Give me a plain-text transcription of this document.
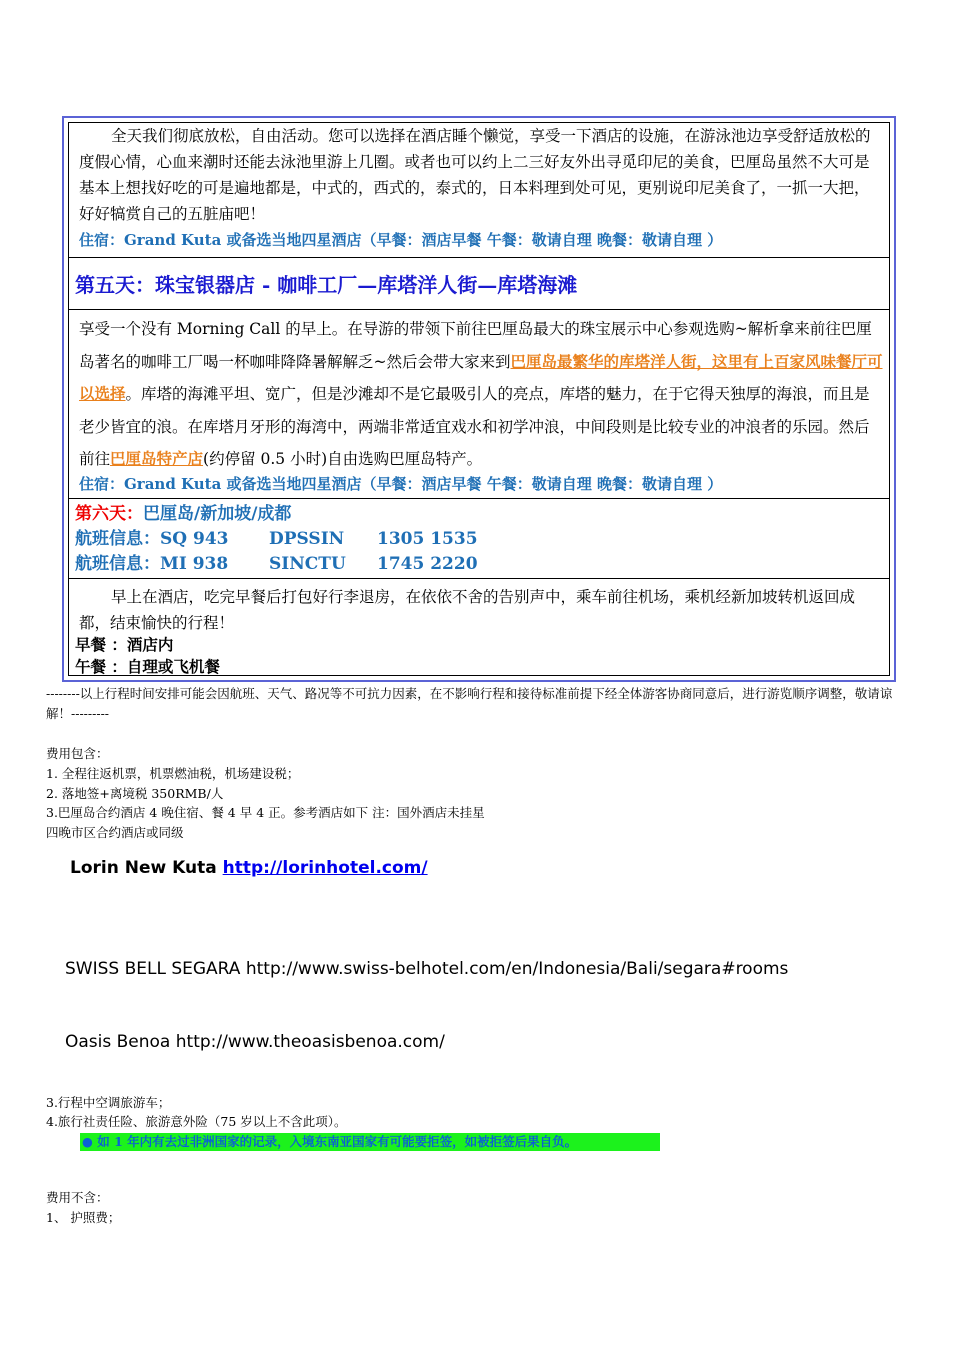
全天我们彻底放松，自由活动。您可以选择在酒店睡个懒觉，享受一下酒店的设施，在游泳池边享受舒适放松的度假心情，心血来潮时还能去泳池里游上几圈。或者也可以约上二三好友外出寻觅印尼的美食，巴厘岛虽然不大可是基本上想找好吃的可是遍地都是，中式的，西式的，泰式的，日本料理到处可见，更别说印尼美食了，一抓一大把，好好犒赏自己的五脏庙吧！
住宿：Grand Kuta 或备选当地四星酒店（早餐：酒店早餐 午餐：敬请自理 晚餐：敬请自理 ）
第五天：珠宝银器店 - 咖啡工厂—库塔洋人街—库塔海滩
享受一个没有 Morning Call 的早上。在导游的带领下前往巴厘岛最大的珠宝展示中心参观选购~解析拿来前往巴厘岛著名的咖啡工厂喝一杯咖啡降降暑解解乏~然后会带大家来到巴厘岛最繁华的库塔洋人街，这里有上百家风味餐厅可以选择。库塔的海滩平坦、宽广，但是沙滩却不是它最吸引人的亮点，库塔的魅力，在于它得天独厚的海浪，而且是老少皆宜的浪。在库塔月牙形的海湾中，两端非常适宜戏水和初学冲浪，中间段则是比较专业的冲浪者的乐园。然后前往巴厘岛特产店(约停留 0.5 小时)自由选购巴厘岛特产。
住宿：Grand Kuta 或备选当地四星酒店（早餐：酒店早餐 午餐：敬请自理 晚餐：敬请自理 ）
第六天：巴厘岛/新加坡/成都
航班信息：SQ 943 DPSSIN 1305 1535
航班信息：MI 938 SINCTU 1745 2220
早上在酒店，吃完早餐后打包好行李退房，在依依不舍的告别声中，乘车前往机场，乘机经新加坡转机返回成都，结束愉快的行程！
早餐 ：酒店内
午餐 ：自理或飞机餐
--------以上行程时间安排可能会因航班、天气、路况等不可抗力因素，在不影响行程和接待标准前提下经全体游客协商同意后，进行游览顺序调整，敬请谅解！---------
费用包含：
1. 全程往返机票，机票燃油税，机场建设税；
2. 落地签+离境税 350RMB/人
3.巴厘岛合约酒店 4 晚住宿、餐 4 早 4 正。参考酒店如下 注：国外酒店未挂星
四晚市区合约酒店或同级
Lorin New Kuta http://lorinhotel.com/
SWISS BELL SEGARA http://www.swiss-belhotel.com/en/Indonesia/Bali/segara#rooms
Oasis Benoa http://www.theoasisbenoa.com/
3.行程中空调旅游车；
4.旅行社责任险、旅游意外险（75 岁以上不含此项）。
● 如 1 年内有去过非洲国家的记录，入境东南亚国家有可能要拒签，如被拒签后果自负。
费用不含：
1、 护照费；
